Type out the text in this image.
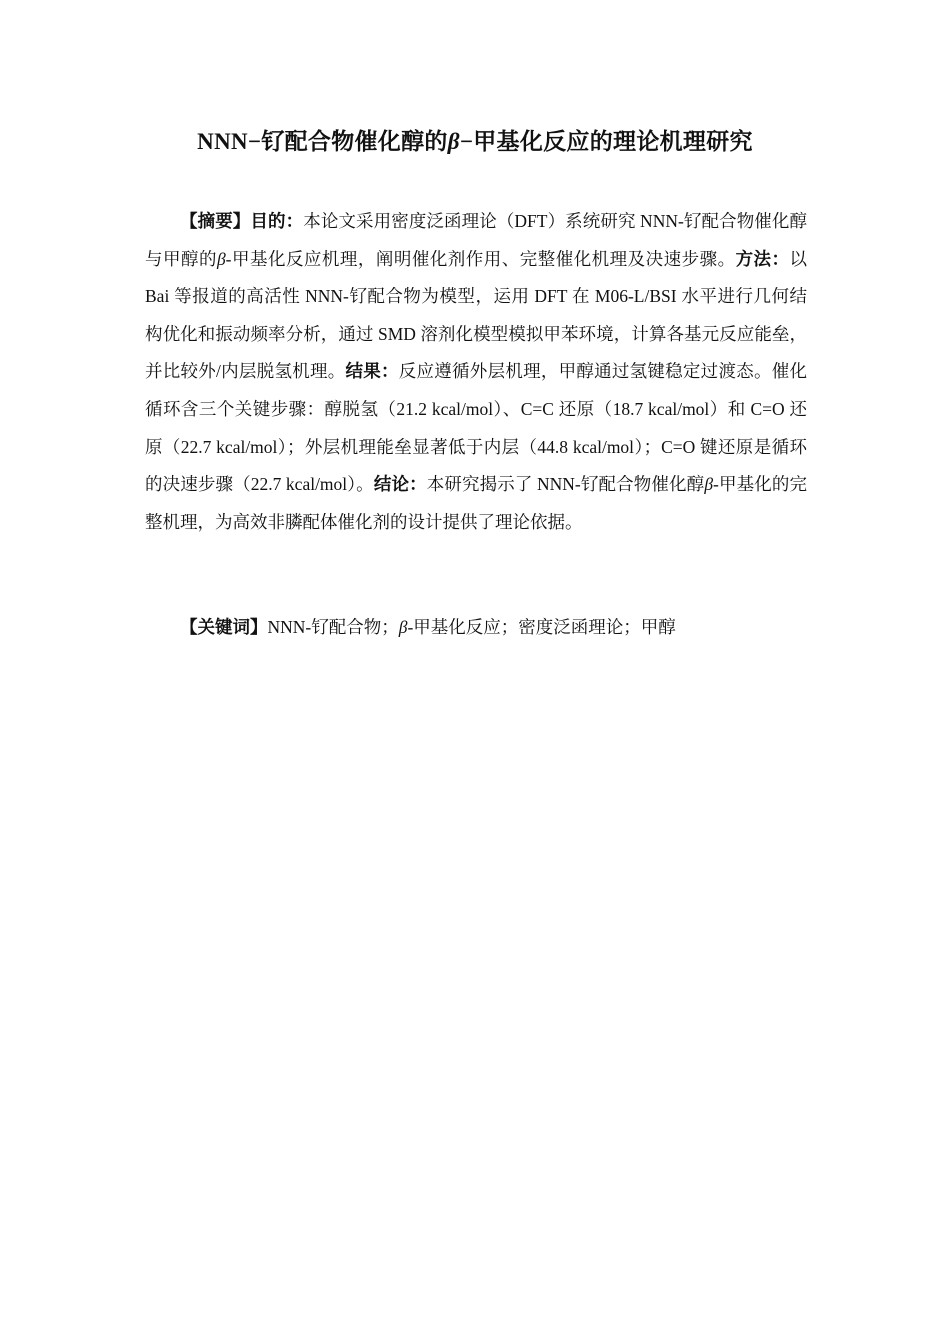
NNN−钌配合物催化醇的β−甲基化反应的理论机理研究

【摘要】目的：本论文采用密度泛函理论（DFT）系统研究 NNN-钌配合物催化醇与甲醇的β-甲基化反应机理，阐明催化剂作用、完整催化机理及决速步骤。方法：以 Bai 等报道的高活性 NNN-钌配合物为模型，运用 DFT 在 M06-L/BSI 水平进行几何结构优化和振动频率分析，通过 SMD 溶剂化模型模拟甲苯环境，计算各基元反应能垒，并比较外/内层脱氢机理。结果：反应遵循外层机理，甲醇通过氢键稳定过渡态。催化循环含三个关键步骤：醇脱氢（21.2 kcal/mol）、C=C 还原（18.7 kcal/mol）和 C=O 还原（22.7 kcal/mol）；外层机理能垒显著低于内层（44.8 kcal/mol）；C=O 键还原是循环的决速步骤（22.7 kcal/mol）。结论：本研究揭示了 NNN-钌配合物催化醇β-甲基化的完整机理，为高效非膦配体催化剂的设计提供了理论依据。

【关键词】NNN-钌配合物；β-甲基化反应；密度泛函理论；甲醇
